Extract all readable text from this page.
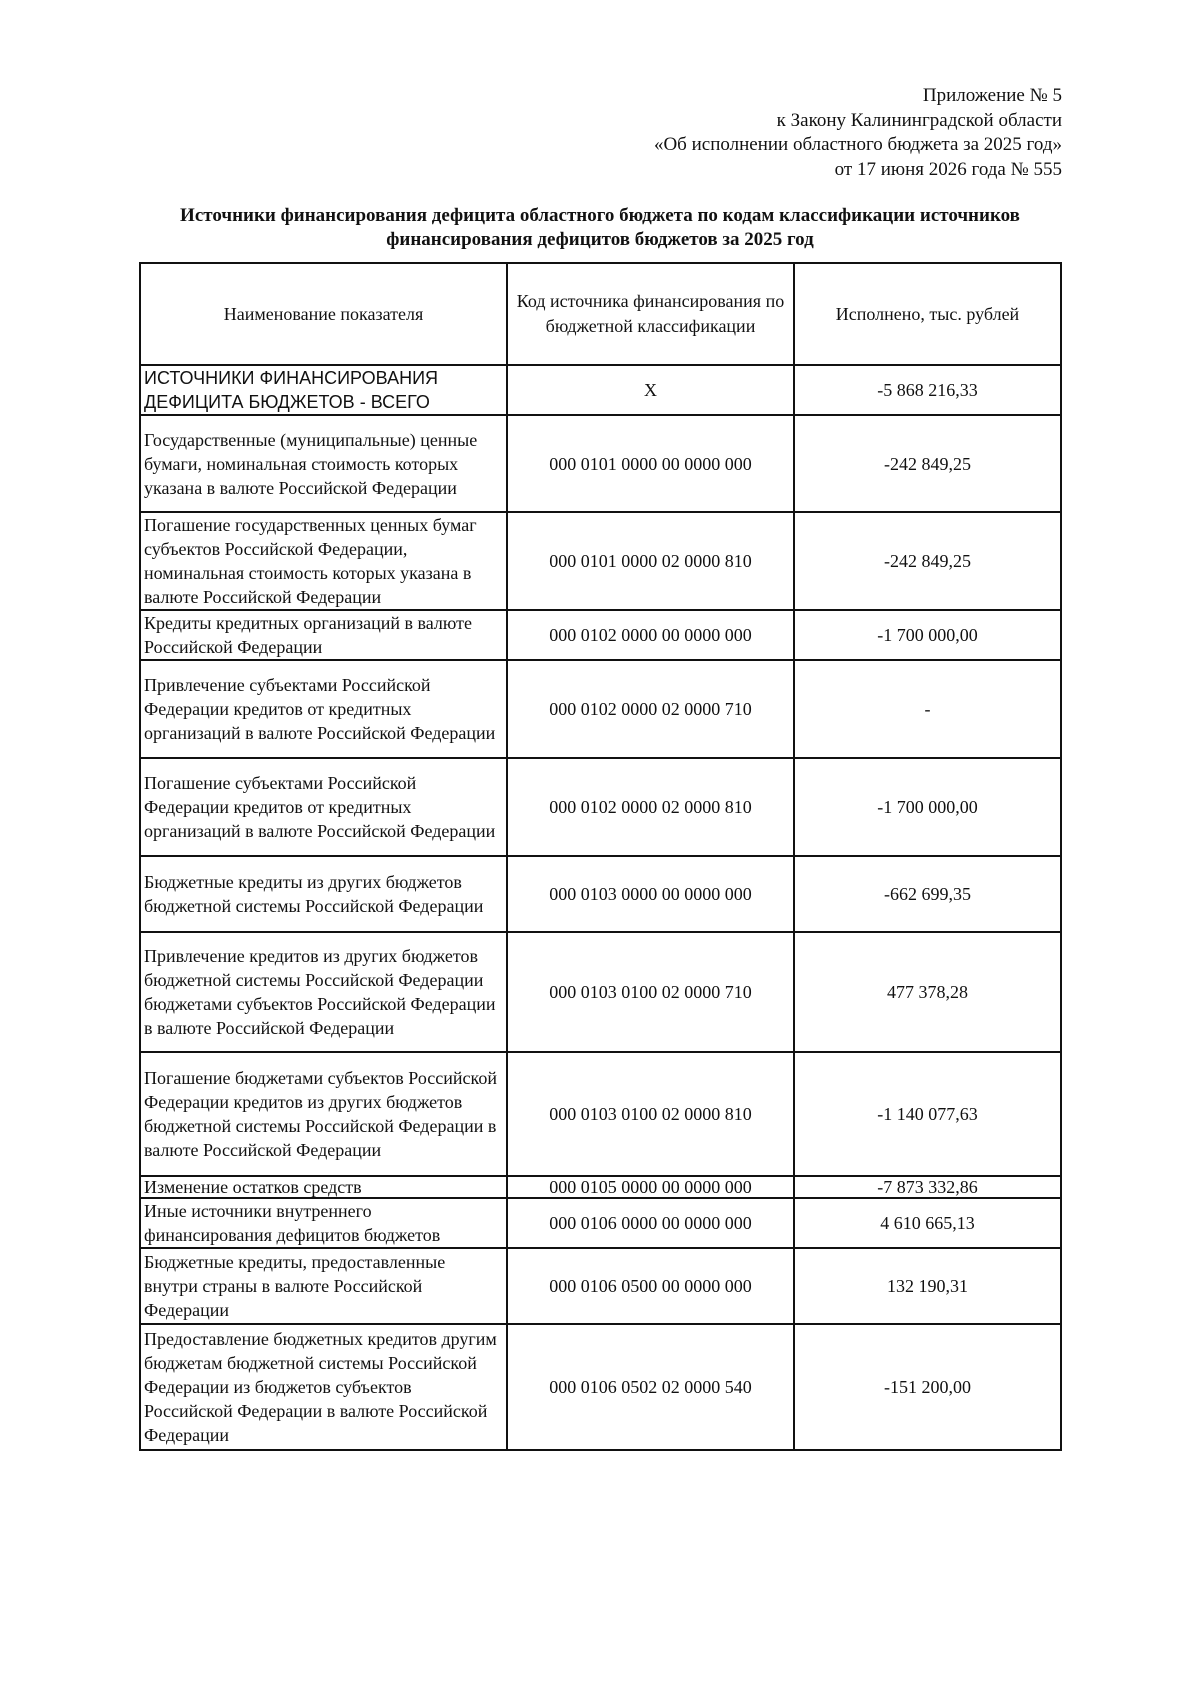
Приложение № 5
к Закону Калининградской области
«Об исполнении областного бюджета за 2025 год»
от 17 июня 2026 года № 555
Источники финансирования дефицита областного бюджета по кодам классификации источников
финансирования дефицитов бюджетов за 2025 год
Наименование показателя	Код источника финансирования по бюджетной классификации	Исполнено, тыс. рублей
ИСТОЧНИКИ ФИНАНСИРОВАНИЯ ДЕФИЦИТА БЮДЖЕТОВ - ВСЕГО	Х	-5 868 216,33
Государственные (муниципальные) ценные бумаги, номинальная стоимость которых указана в валюте Российской Федерации	000 0101 0000 00 0000 000	-242 849,25
Погашение государственных ценных бумаг субъектов Российской Федерации, номинальная стоимость которых указана в валюте Российской Федерации	000 0101 0000 02 0000 810	-242 849,25
Кредиты кредитных организаций в валюте Российской Федерации	000 0102 0000 00 0000 000	-1 700 000,00
Привлечение субъектами Российской Федерации кредитов от кредитных организаций в валюте Российской Федерации	000 0102 0000 02 0000 710	-
Погашение субъектами Российской Федерации кредитов от кредитных организаций в валюте Российской Федерации	000 0102 0000 02 0000 810	-1 700 000,00
Бюджетные кредиты из других бюджетов бюджетной системы Российской Федерации	000 0103 0000 00 0000 000	-662 699,35
Привлечение кредитов из других бюджетов бюджетной системы Российской Федерации бюджетами субъектов Российской Федерации в валюте Российской Федерации	000 0103 0100 02 0000 710	477 378,28
Погашение бюджетами субъектов Российской Федерации кредитов из других бюджетов бюджетной системы Российской Федерации в валюте Российской Федерации	000 0103 0100 02 0000 810	-1 140 077,63
Изменение остатков средств	000 0105 0000 00 0000 000	-7 873 332,86
Иные источники внутреннего финансирования дефицитов бюджетов	000 0106 0000 00 0000 000	4 610 665,13
Бюджетные кредиты, предоставленные внутри страны в валюте Российской Федерации	000 0106 0500 00 0000 000	132 190,31
Предоставление бюджетных кредитов другим бюджетам бюджетной системы Российской Федерации из бюджетов субъектов Российской Федерации в валюте Российской Федерации	000 0106 0502 02 0000 540	-151 200,00
